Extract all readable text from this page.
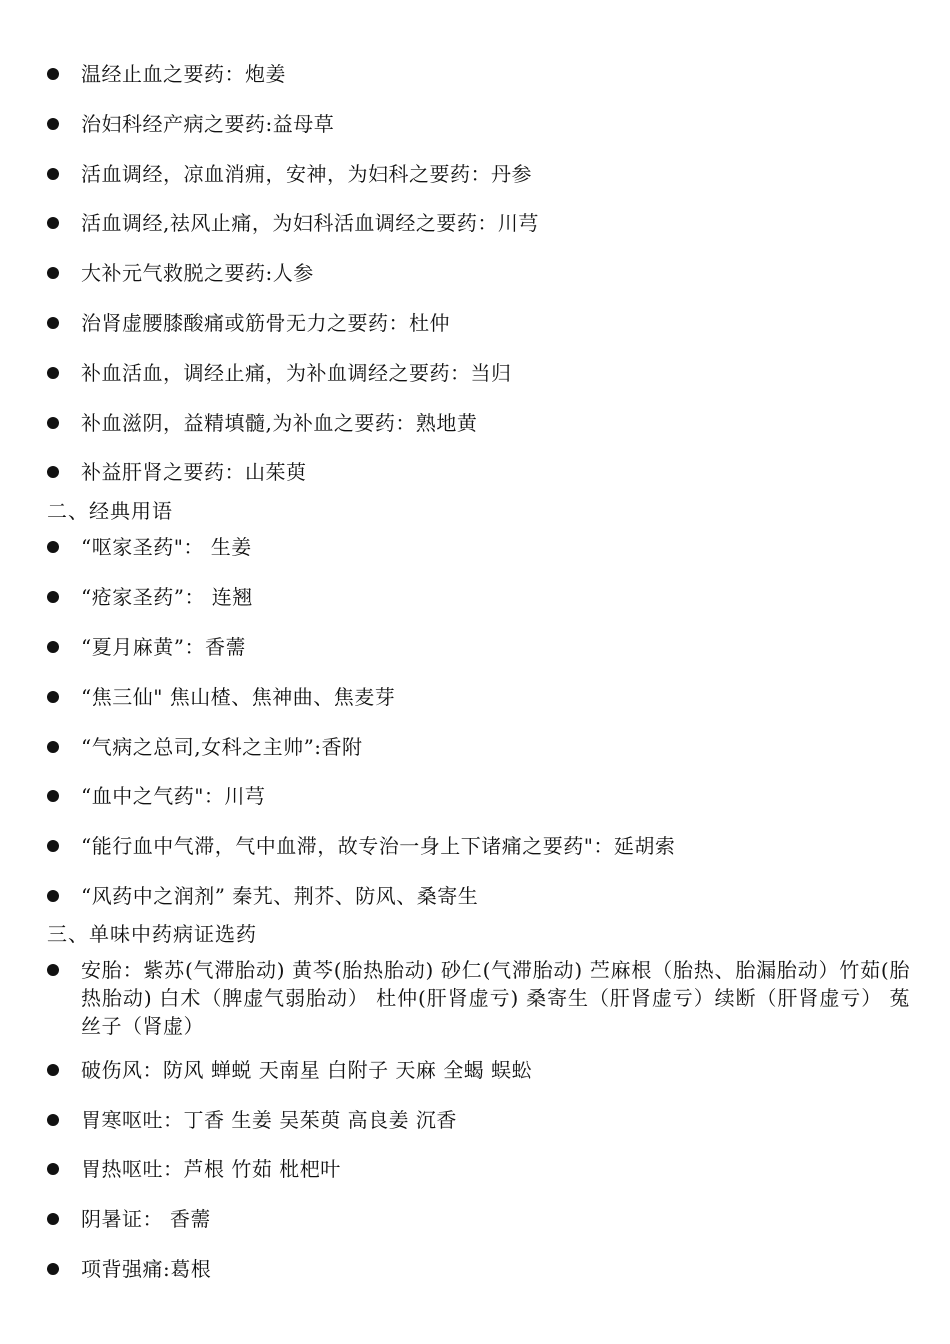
温经止血之要药：炮姜
治妇科经产病之要药:益母草
活血调经，凉血消痈，安神，为妇科之要药：丹参
活血调经,祛风止痛，为妇科活血调经之要药：川芎
大补元气救脱之要药:人参
治肾虚腰膝酸痛或筋骨无力之要药：杜仲
补血活血，调经止痛，为补血调经之要药：当归
补血滋阴，益精填髓,为补血之要药：熟地黄
补益肝肾之要药：山茱萸
二、经典用语
“呕家圣药"： 生姜
“疮家圣药”： 连翘
“夏月麻黄”：香薷
“焦三仙" 焦山楂、焦神曲、焦麦芽
“气病之总司,女科之主帅”:香附
“血中之气药"：川芎
“能行血中气滞，气中血滞，故专治一身上下诸痛之要药"：延胡索
“风药中之润剂” 秦艽、荆芥、防风、桑寄生
三、单味中药病证选药
安胎：紫苏(气滞胎动) 黄芩(胎热胎动) 砂仁(气滞胎动) 苎麻根（胎热、胎漏胎动）竹茹(胎热胎动) 白术（脾虚气弱胎动） 杜仲(肝肾虚亏) 桑寄生（肝肾虚亏）续断（肝肾虚亏） 菟丝子（肾虚）
破伤风：防风 蝉蜕 天南星 白附子 天麻 全蝎 蜈蚣
胃寒呕吐：丁香 生姜 吴茱萸 高良姜 沉香
胃热呕吐：芦根 竹茹 枇杷叶
阴暑证： 香薷
项背强痛:葛根
